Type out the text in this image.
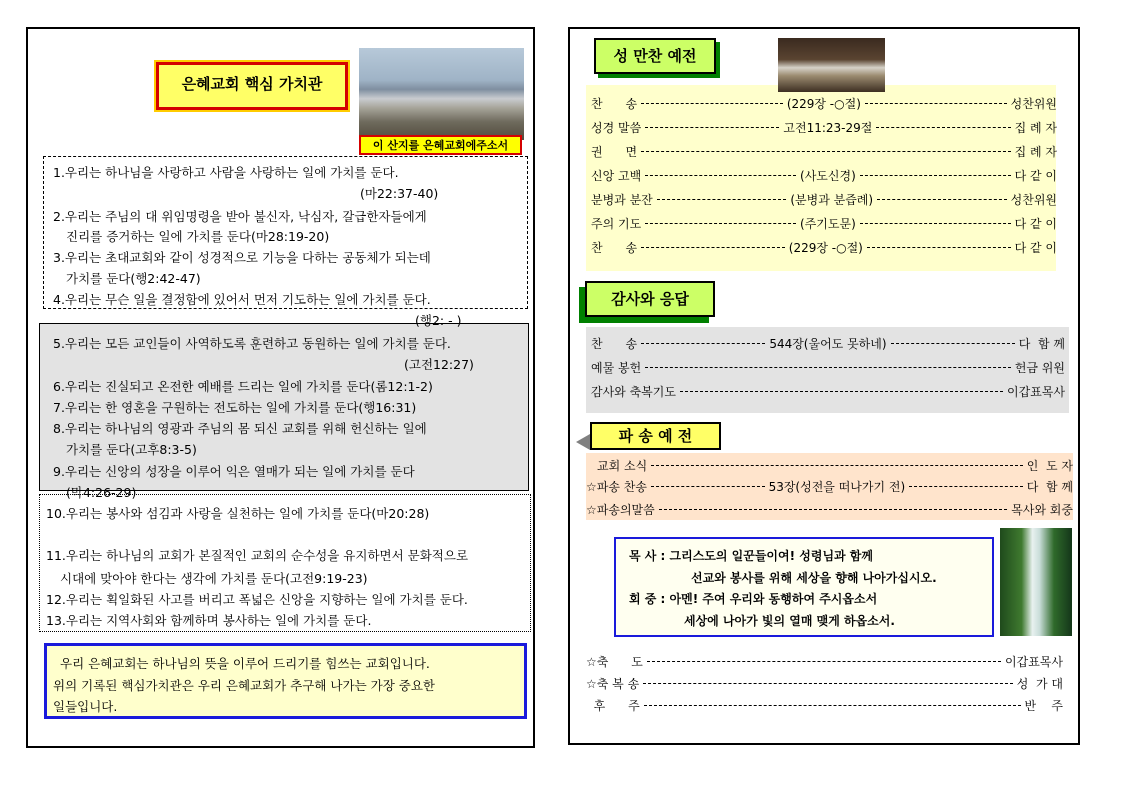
은혜교회 핵심 가치관
이 산지를 은혜교회에주소서
1.우리는 하나님을 사랑하고 사람을 사랑하는 일에 가치를 둔다.
(마22:37-40)
2.우리는 주님의 대 위임명령을 받아 불신자, 낙심자, 갈급한자들에게
진리를 증거하는 일에 가치를 둔다(마28:19-20)
3.우리는 초대교회와 같이 성경적으로 기능을 다하는 공동체가 되는데
가치를 둔다(행2:42-47)
4.우리는 무슨 일을 결정함에 있어서 먼저 기도하는 일에 가치를 둔다.
(행2: - )
5.우리는 모든 교인들이 사역하도록 훈련하고 동원하는 일에 가치를 둔다.
(고전12:27)
6.우리는 진실되고 온전한 예배를 드리는 일에 가치를 둔다(롬12:1-2)
7.우리는 한 영혼을 구원하는 전도하는 일에 가치를 둔다(행16:31)
8.우리는 하나님의 영광과 주님의 몸 되신 교회를 위해 헌신하는 일에
가치를 둔다(고후8:3-5)
9.우리는 신앙의 성장을 이루어 익은 열매가 되는 일에 가치를 둔다
(막4:26-29)
10.우리는 봉사와 섬김과 사랑을 실천하는 일에 가치를 둔다(마20:28)
11.우리는 하나님의 교회가 본질적인 교회의 순수성을 유지하면서 문화적으로
시대에 맞아야 한다는 생각에 가치를 둔다(고전9:19-23)
12.우리는 획일화된 사고를 버리고 폭넓은 신앙을 지향하는 일에 가치를 둔다.
13.우리는 지역사회와 함께하며 봉사하는 일에 가치를 둔다.
우리 은혜교회는 하나님의 뜻을 이루어 드리기를 힘쓰는 교회입니다.
위의 기록된 핵심가치관은 우리 은혜교회가 추구해 나가는 가장 중요한
일들입니다.
성 만찬 예전
감사와 응답
파 송 예 전
찬      송	(229장 -○절)	성찬위원
성경 말씀	고전11:23-29절	집 례 자
권      면	집 례 자
신앙 고백	(사도신경)	다 같 이
분병과 분잔	(분병과 분즙례)	성찬위원
주의 기도	(주기도문)	다 같 이
찬      송	(229장 -○절)	다 같 이
찬      송	544장(울어도 못하네)	다  함 께
예물 봉헌	헌금 위원
감사와 축복기도	이갑표목사
교회 소식	인  도 자
☆파송 찬송	53장(성전을 떠나가기 전)	다  함 께
☆파송의말씀	목사와 회중
☆축      도	이갑표목사
☆축 복 송	성  가 대
후      주	반    주
목 사 : 그리스도의 일꾼들이여! 성령님과 함께
선교와 봉사를 위해 세상을 향해 나아가십시오.
회 중 : 아멘! 주여 우리와 동행하여 주시옵소서
세상에 나아가 빛의 열매 맺게 하옵소서.
